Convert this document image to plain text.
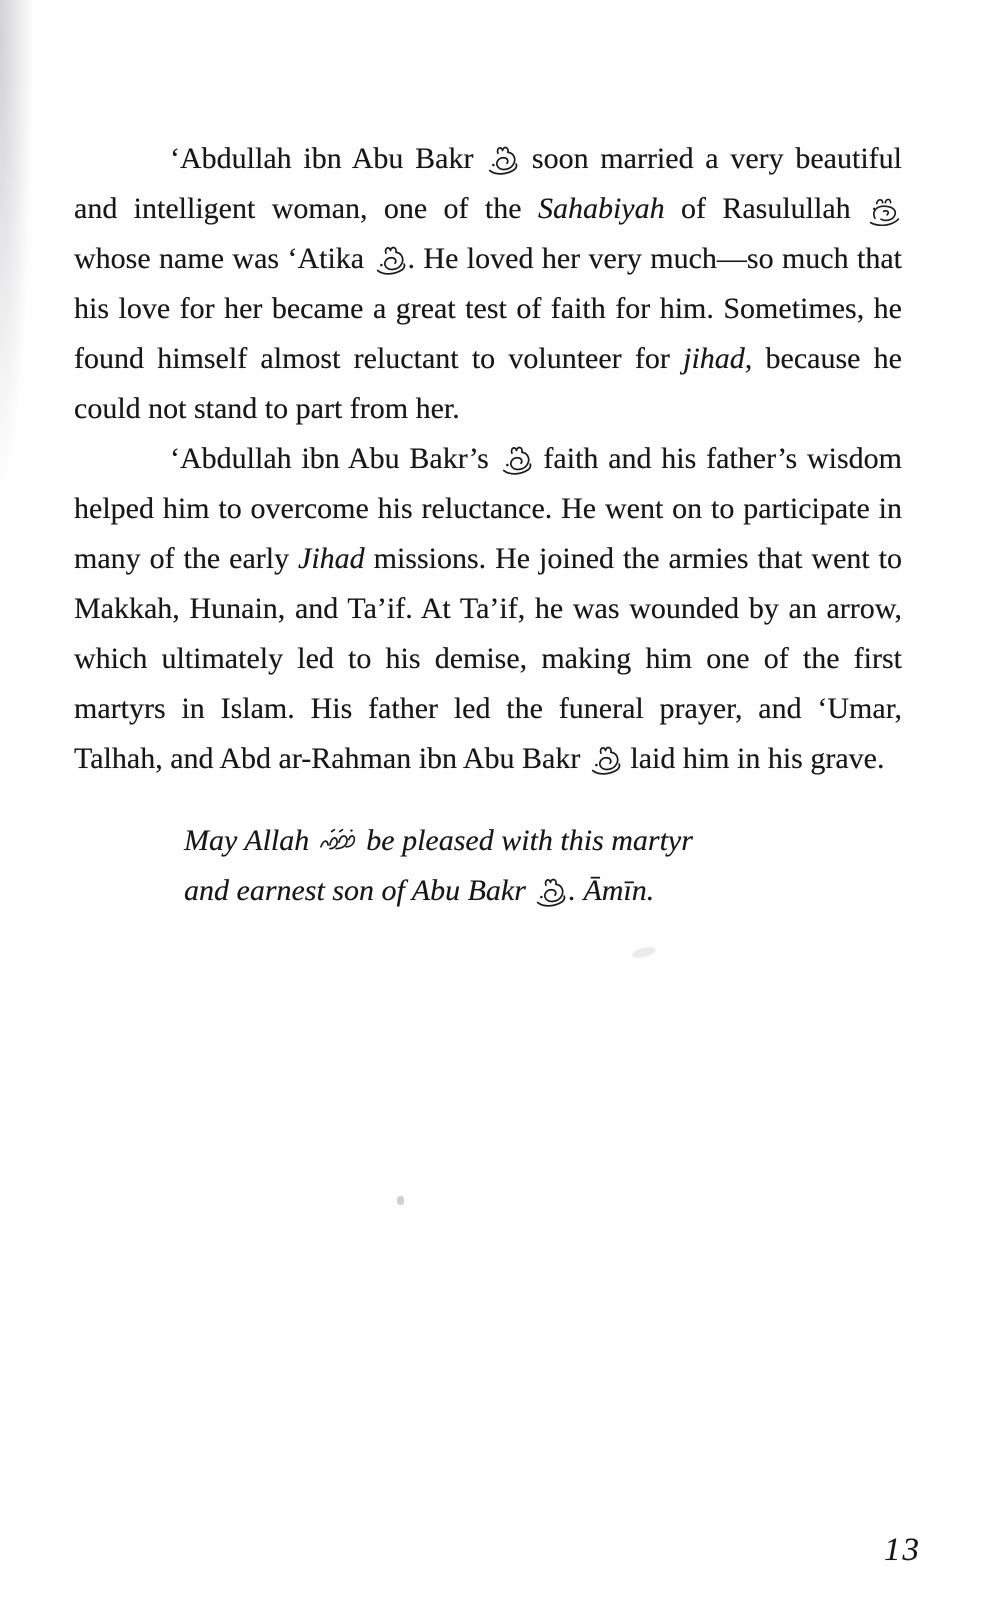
‘Abdullah ibn Abu Bakr  soon married a very beautiful and intelligent woman, one of the Sahabiyah of Rasulullah  whose name was ‘Atika . He loved her very much—so much that his love for her became a great test of faith for him. Sometimes, he found himself almost reluctant to volunteer for jihad, because he could not stand to part from her.

‘Abdullah ibn Abu Bakr’s  faith and his father’s wisdom helped him to overcome his reluctance. He went on to participate in many of the early Jihad missions. He joined the armies that went to Makkah, Hunain, and Ta’if. At Ta’if, he was wounded by an arrow, which ultimately led to his demise, making him one of the first martyrs in Islam. His father led the funeral prayer, and ‘Umar, Talhah, and Abd ar-Rahman ibn Abu Bakr  laid him in his grave.

May Allah  be pleased with this martyr
and earnest son of Abu Bakr . Āmīn.
13
